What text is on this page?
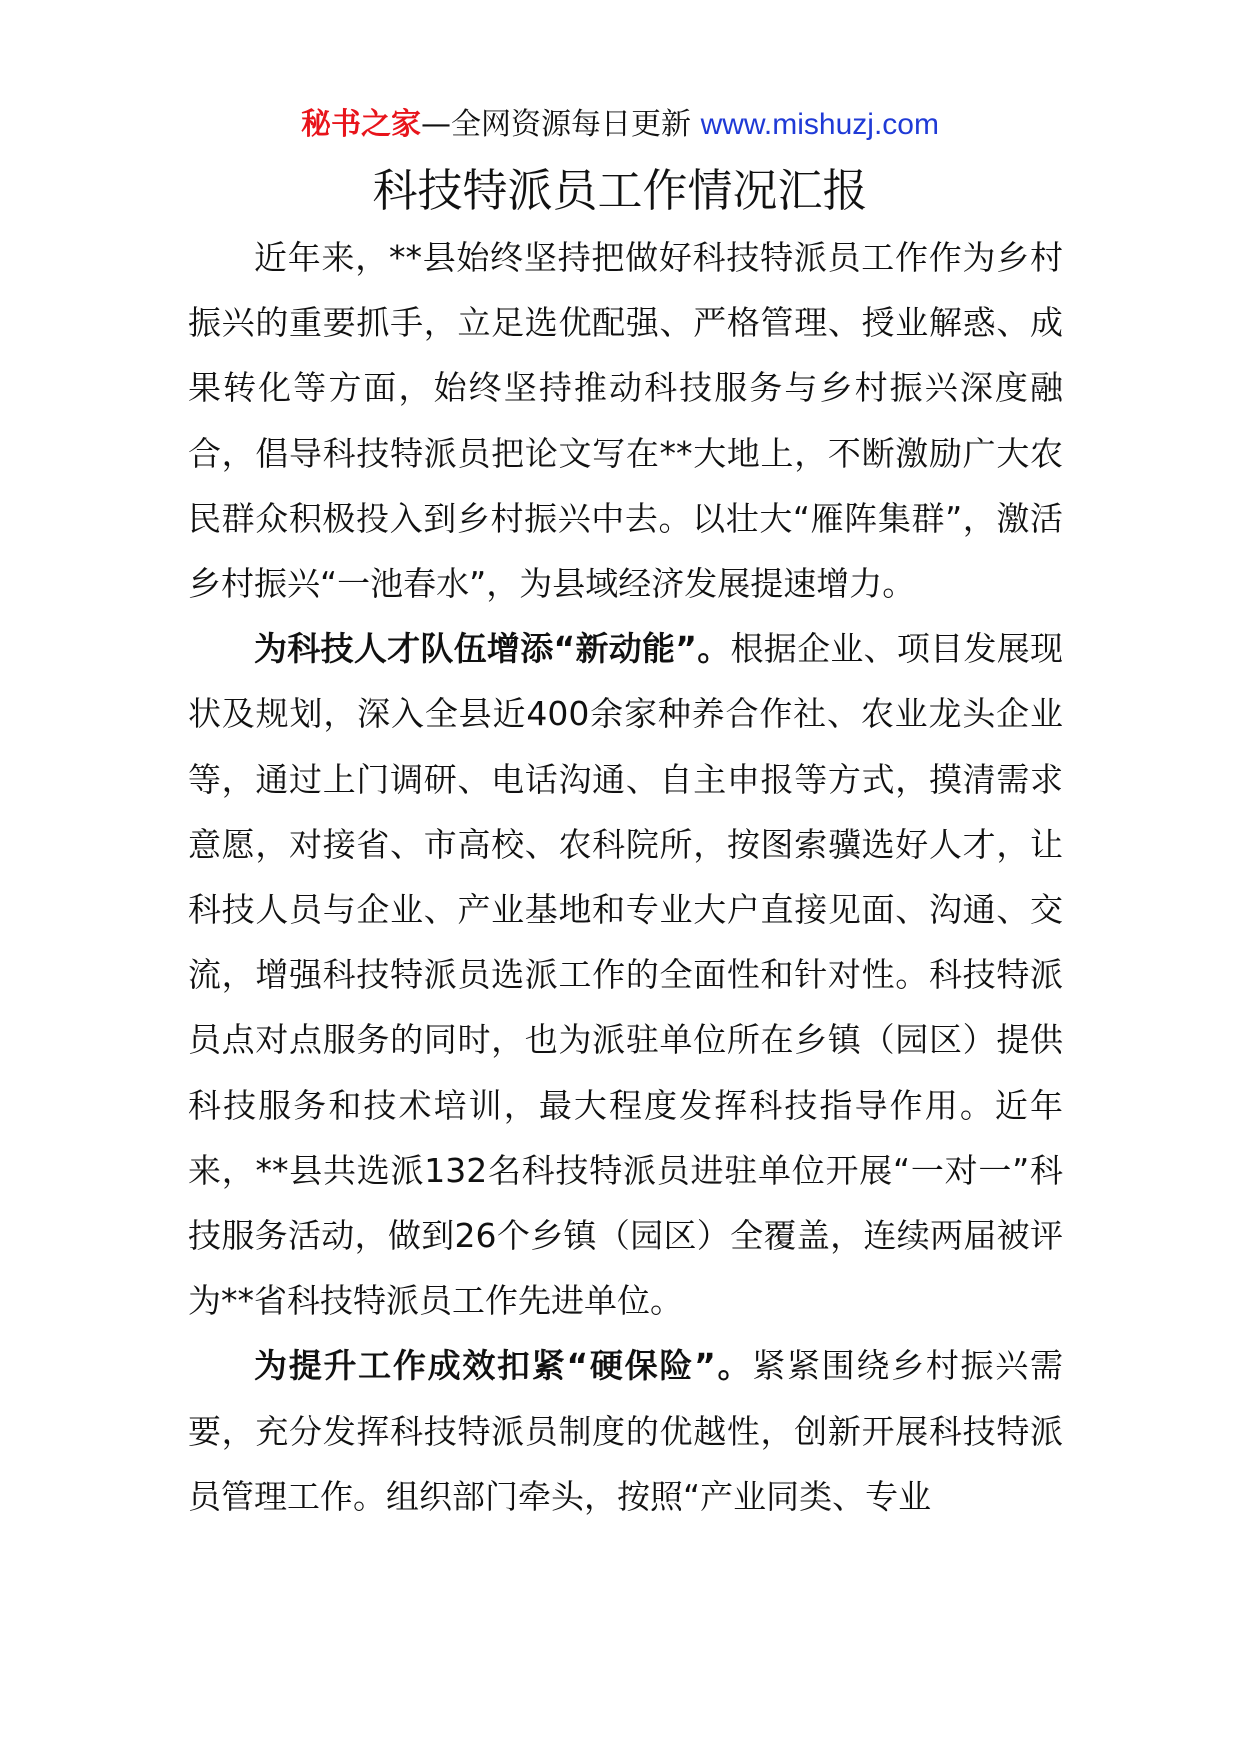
秘书之家—全网资源每日更新 www.mishuzj.com
科技特派员工作情况汇报

近年来，**县始终坚持把做好科技特派员工作作为乡村振兴的重要抓手，立足选优配强、严格管理、授业解惑、成果转化等方面，始终坚持推动科技服务与乡村振兴深度融合，倡导科技特派员把论文写在**大地上，不断激励广大农民群众积极投入到乡村振兴中去。以壮大“雁阵集群”，激活乡村振兴“一池春水”，为县域经济发展提速增力。

为科技人才队伍增添“新动能”。根据企业、项目发展现状及规划，深入全县近400余家种养合作社、农业龙头企业等，通过上门调研、电话沟通、自主申报等方式，摸清需求意愿，对接省、市高校、农科院所，按图索骥选好人才，让科技人员与企业、产业基地和专业大户直接见面、沟通、交流，增强科技特派员选派工作的全面性和针对性。科技特派员点对点服务的同时，也为派驻单位所在乡镇（园区）提供科技服务和技术培训，最大程度发挥科技指导作用。近年来，**县共选派132名科技特派员进驻单位开展“一对一”科技服务活动，做到26个乡镇（园区）全覆盖，连续两届被评为**省科技特派员工作先进单位。

为提升工作成效扣紧“硬保险”。紧紧围绕乡村振兴需要，充分发挥科技特派员制度的优越性，创新开展科技特派员管理工作。组织部门牵头，按照“产业同类、专业
